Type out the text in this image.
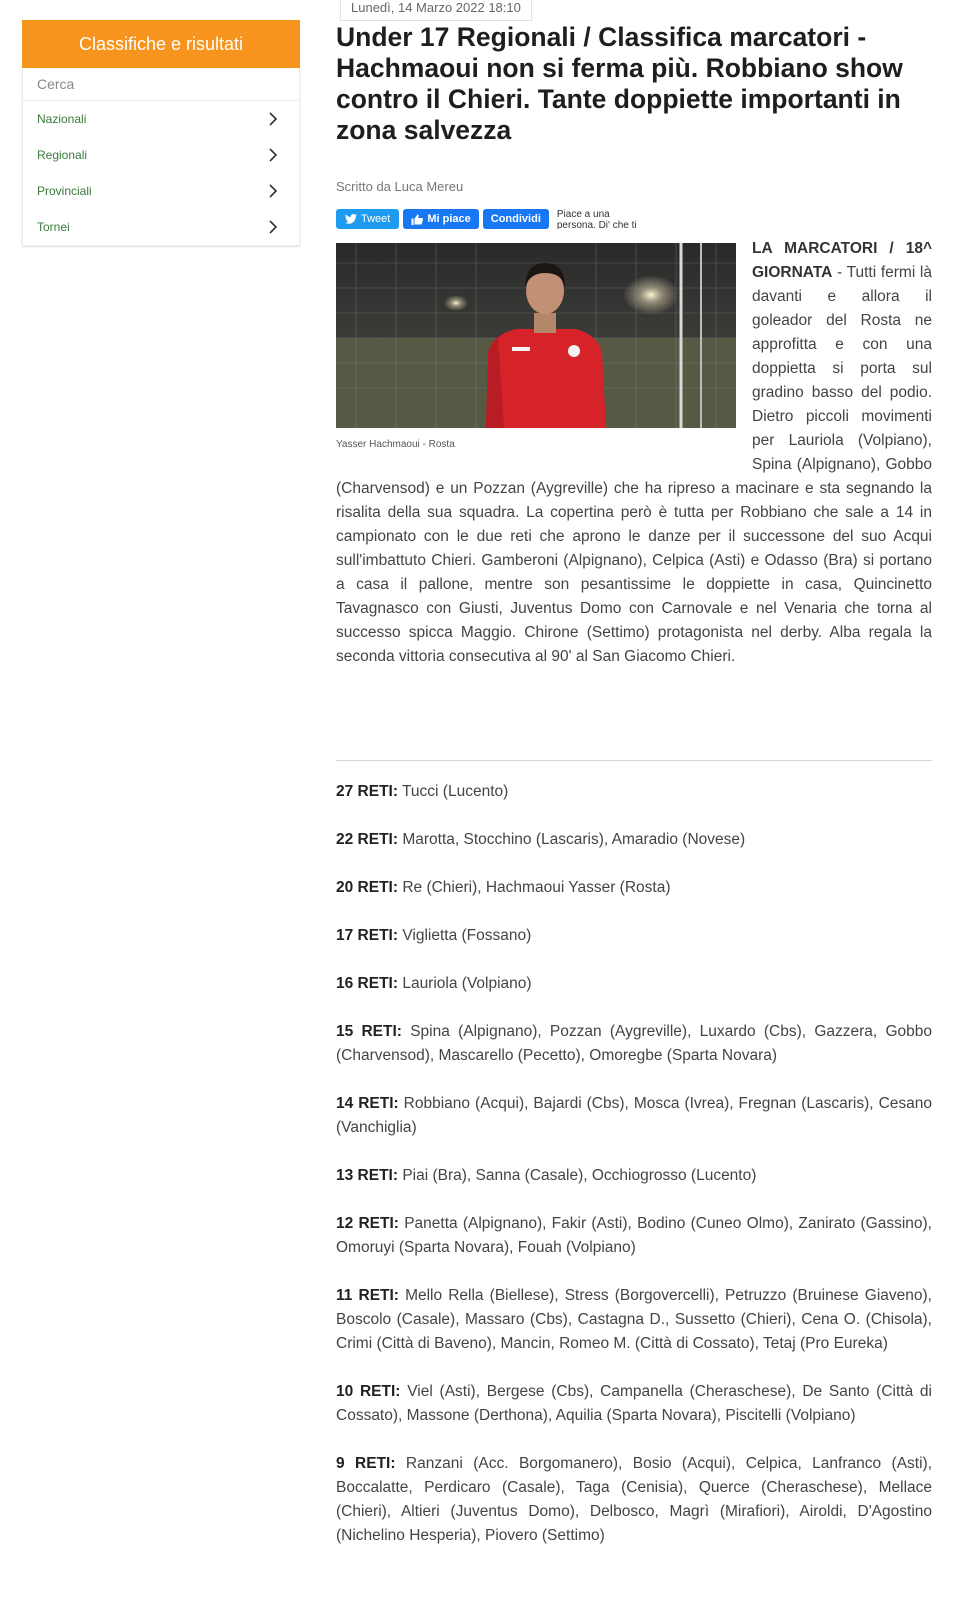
Classifiche e risultati
Cerca
Nazionali
Regionali
Provinciali
Tornei
Lunedì, 14 Marzo 2022 18:10
Under 17 Regionali / Classifica marcatori - Hachmaoui non si ferma più. Robbiano show contro il Chieri. Tante doppiette importanti in zona salvezza
Scritto da Luca Mereu
Tweet	Mi piace	Condividi	Piace a una persona. Di' che ti
Yasser Hachmaoui - Rosta
LA MARCATORI / 18^ GIORNATA - Tutti fermi là davanti e allora il goleador del Rosta ne approfitta e con una doppietta si porta sul gradino basso del podio. Dietro piccoli movimenti per Lauriola (Volpiano), Spina (Alpignano), Gobbo (Charvensod) e un Pozzan (Aygreville) che ha ripreso a macinare e sta segnando la risalita della sua squadra. La copertina però è tutta per Robbiano che sale a 14 in campionato con le due reti che aprono le danze per il successone del suo Acqui sull'imbattuto Chieri. Gamberoni (Alpignano), Celpica (Asti) e Odasso (Bra) si portano a casa il pallone, mentre son pesantissime le doppiette in casa, Quincinetto Tavagnasco con Giusti, Juventus Domo con Carnovale e nel Venaria che torna al successo spicca Maggio. Chirone (Settimo) protagonista nel derby. Alba regala la seconda vittoria consecutiva al 90' al San Giacomo Chieri.

27 RETI: Tucci (Lucento)

22 RETI: Marotta, Stocchino (Lascaris), Amaradio (Novese)

20 RETI: Re (Chieri), Hachmaoui Yasser (Rosta)

17 RETI: Viglietta (Fossano)

16 RETI: Lauriola (Volpiano)

15 RETI: Spina (Alpignano), Pozzan (Aygreville), Luxardo (Cbs), Gazzera, Gobbo (Charvensod), Mascarello (Pecetto), Omoregbe (Sparta Novara)

14 RETI: Robbiano (Acqui), Bajardi (Cbs), Mosca (Ivrea), Fregnan (Lascaris), Cesano (Vanchiglia)

13 RETI: Piai (Bra), Sanna (Casale), Occhiogrosso (Lucento)

12 RETI: Panetta (Alpignano), Fakir (Asti), Bodino (Cuneo Olmo), Zanirato (Gassino), Omoruyi (Sparta Novara), Fouah (Volpiano)

11 RETI: Mello Rella (Biellese), Stress (Borgovercelli), Petruzzo (Bruinese Giaveno), Boscolo (Casale), Massaro (Cbs), Castagna D., Sussetto (Chieri), Cena O. (Chisola), Crimi (Città di Baveno), Mancin, Romeo M. (Città di Cossato), Tetaj (Pro Eureka)

10 RETI: Viel (Asti), Bergese (Cbs), Campanella (Cheraschese), De Santo (Città di Cossato), Massone (Derthona), Aquilia (Sparta Novara), Piscitelli (Volpiano)

9 RETI: Ranzani (Acc. Borgomanero), Bosio (Acqui), Celpica, Lanfranco (Asti), Boccalatte, Perdicaro (Casale), Taga (Cenisia), Querce (Cheraschese), Mellace (Chieri), Altieri (Juventus Domo), Delbosco, Magrì (Mirafiori), Airoldi, D'Agostino (Nichelino Hesperia), Piovero (Settimo)
